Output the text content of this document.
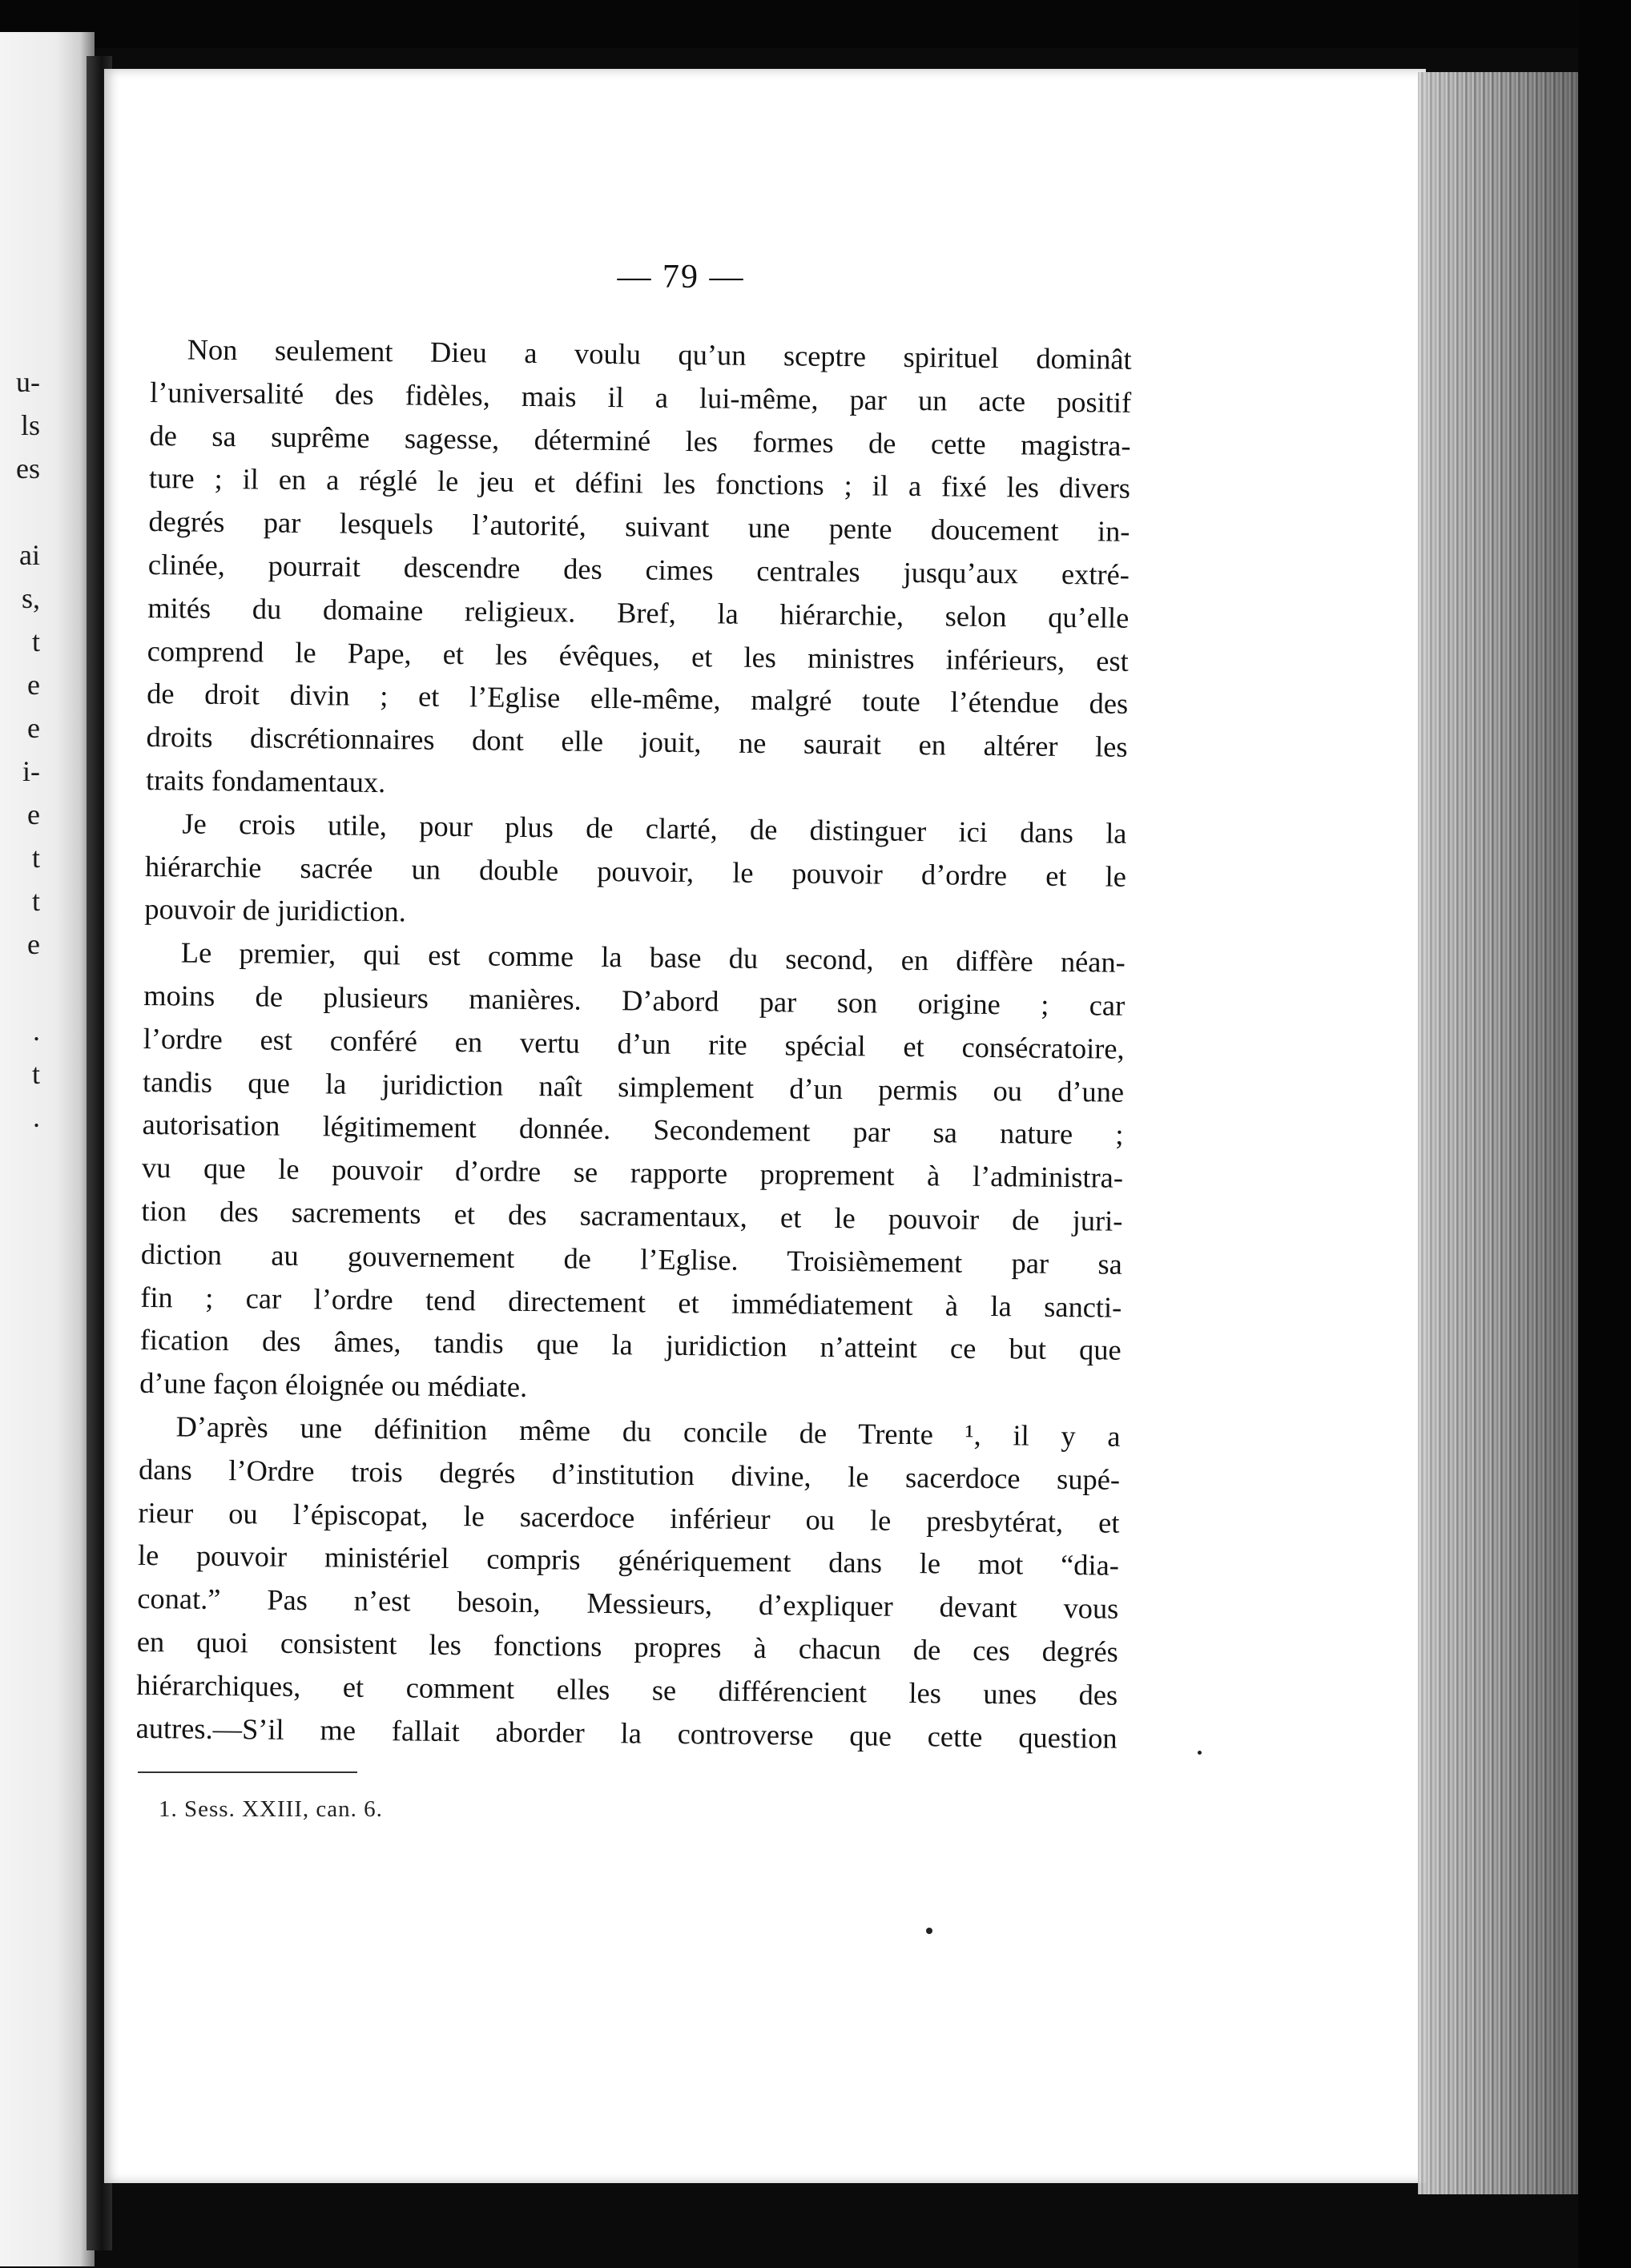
u-
ls
es
ai
s,
t
e
e
i-
e
t
t
e
.
t
.
— 79 —
Non seulement Dieu a voulu qu’un sceptre spirituel dominât
l’universalité des fidèles, mais il a lui-même, par un acte positif
de sa suprême sagesse, déterminé les formes de cette magistra-
ture ; il en a réglé le jeu et défini les fonctions ; il a fixé les divers
degrés par lesquels l’autorité, suivant une pente doucement in-
clinée, pourrait descendre des cimes centrales jusqu’aux extré-
mités du domaine religieux. Bref, la hiérarchie, selon qu’elle
comprend le Pape, et les évêques, et les ministres inférieurs, est
de droit divin ; et l’Eglise elle-même, malgré toute l’étendue des
droits discrétionnaires dont elle jouit, ne saurait en altérer les
traits fondamentaux.
Je crois utile, pour plus de clarté, de distinguer ici dans la
hiérarchie sacrée un double pouvoir, le pouvoir d’ordre et le
pouvoir de juridiction.
Le premier, qui est comme la base du second, en diffère néan-
moins de plusieurs manières. D’abord par son origine ; car
l’ordre est conféré en vertu d’un rite spécial et consécratoire,
tandis que la juridiction naît simplement d’un permis ou d’une
autorisation légitimement donnée. Secondement par sa nature ;
vu que le pouvoir d’ordre se rapporte proprement à l’administra-
tion des sacrements et des sacramentaux, et le pouvoir de juri-
diction au gouvernement de l’Eglise. Troisièmement par sa
fin ; car l’ordre tend directement et immédiatement à la sancti-
fication des âmes, tandis que la juridiction n’atteint ce but que
d’une façon éloignée ou médiate.
D’après une définition même du concile de Trente ¹, il y a
dans l’Ordre trois degrés d’institution divine, le sacerdoce supé-
rieur ou l’épiscopat, le sacerdoce inférieur ou le presbytérat, et
le pouvoir ministériel compris génériquement dans le mot “dia-
conat.” Pas n’est besoin, Messieurs, d’expliquer devant vous
en quoi consistent les fonctions propres à chacun de ces degrés
hiérarchiques, et comment elles se différencient les unes des
autres.—S’il me fallait aborder la controverse que cette question
1. Sess. XXIII, can. 6.
